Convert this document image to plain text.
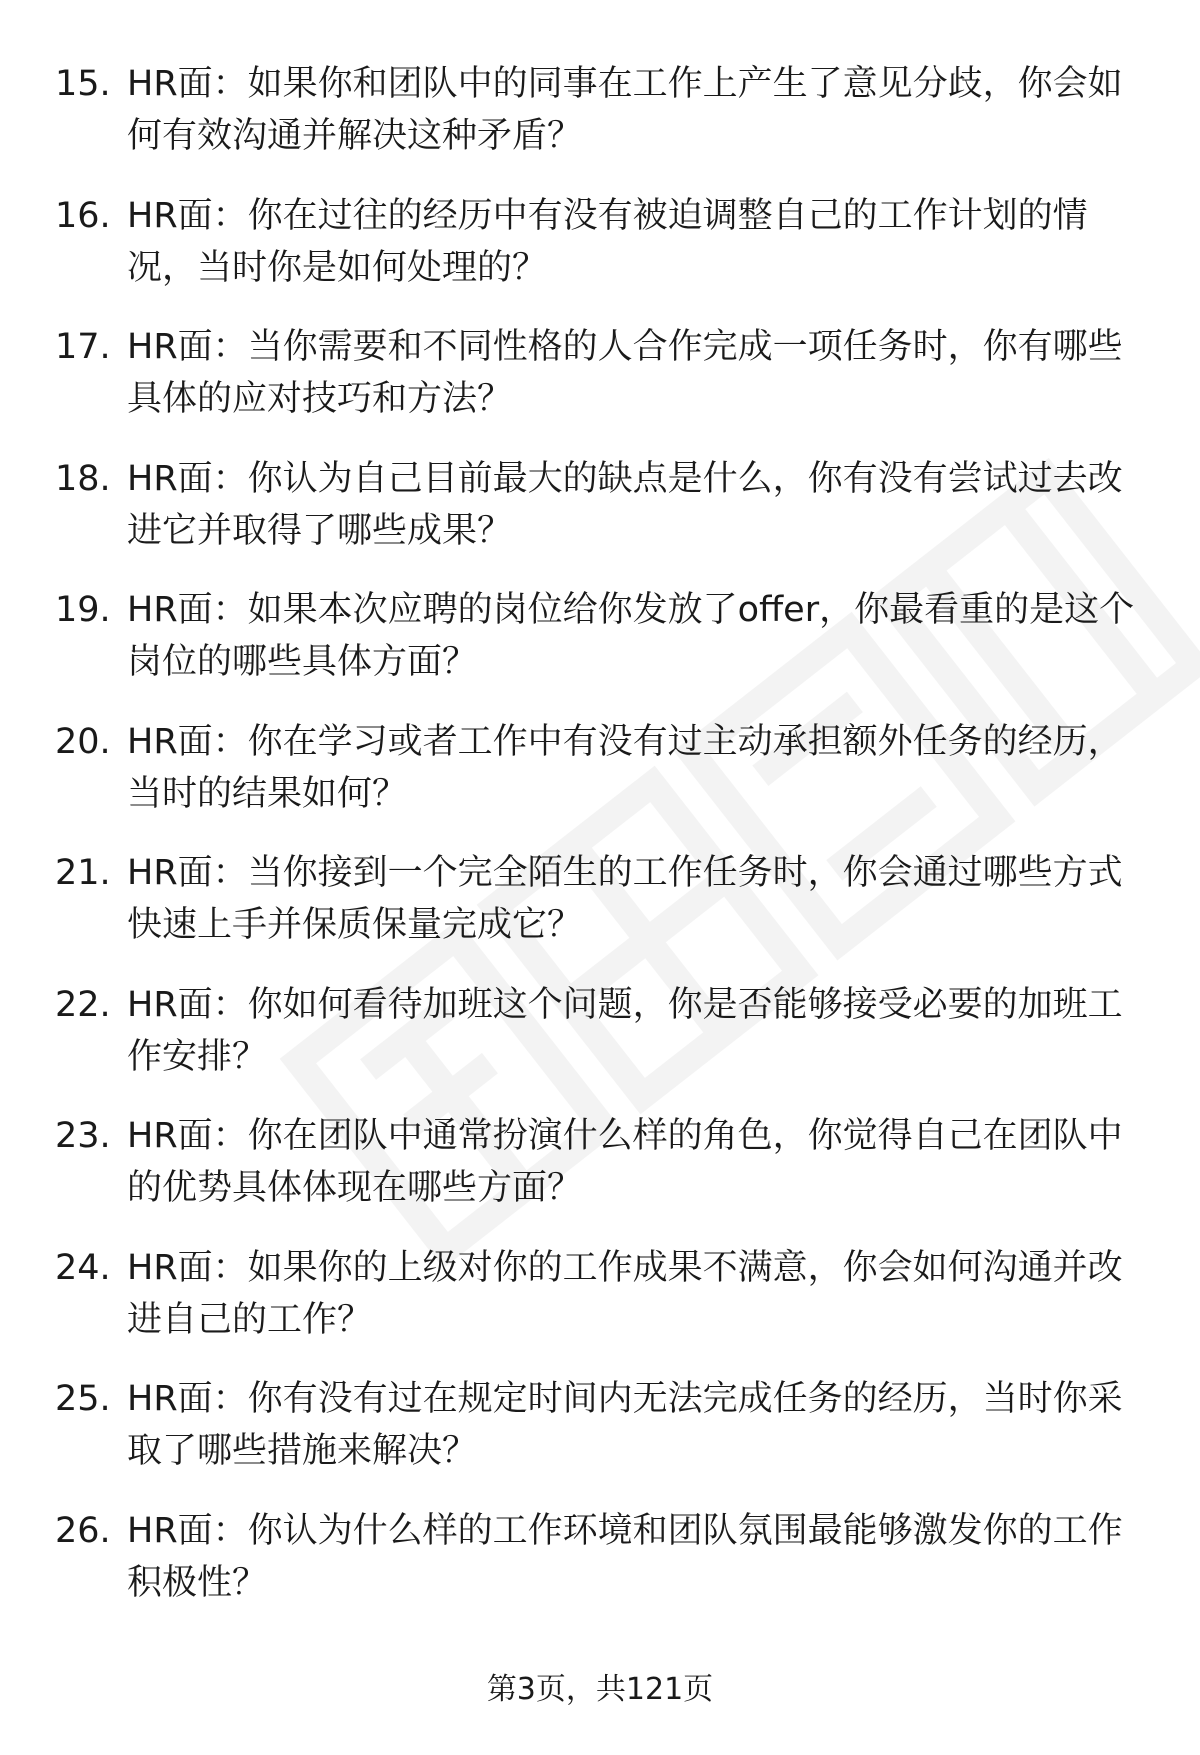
15. HR面：如果你和团队中的同事在工作上产生了意见分歧，你会如何有效沟通并解决这种矛盾？
16. HR面：你在过往的经历中有没有被迫调整自己的工作计划的情况，当时你是如何处理的？
17. HR面：当你需要和不同性格的人合作完成一项任务时，你有哪些具体的应对技巧和方法？
18. HR面：你认为自己目前最大的缺点是什么，你有没有尝试过去改进它并取得了哪些成果？
19. HR面：如果本次应聘的岗位给你发放了offer，你最看重的是这个岗位的哪些具体方面？
20. HR面：你在学习或者工作中有没有过主动承担额外任务的经历，当时的结果如何？
21. HR面：当你接到一个完全陌生的工作任务时，你会通过哪些方式快速上手并保质保量完成它？
22. HR面：你如何看待加班这个问题，你是否能够接受必要的加班工作安排？
23. HR面：你在团队中通常扮演什么样的角色，你觉得自己在团队中的优势具体体现在哪些方面？
24. HR面：如果你的上级对你的工作成果不满意，你会如何沟通并改进自己的工作？
25. HR面：你有没有过在规定时间内无法完成任务的经历，当时你采取了哪些措施来解决？
26. HR面：你认为什么样的工作环境和团队氛围最能够激发你的工作积极性？
第3页，共121页
